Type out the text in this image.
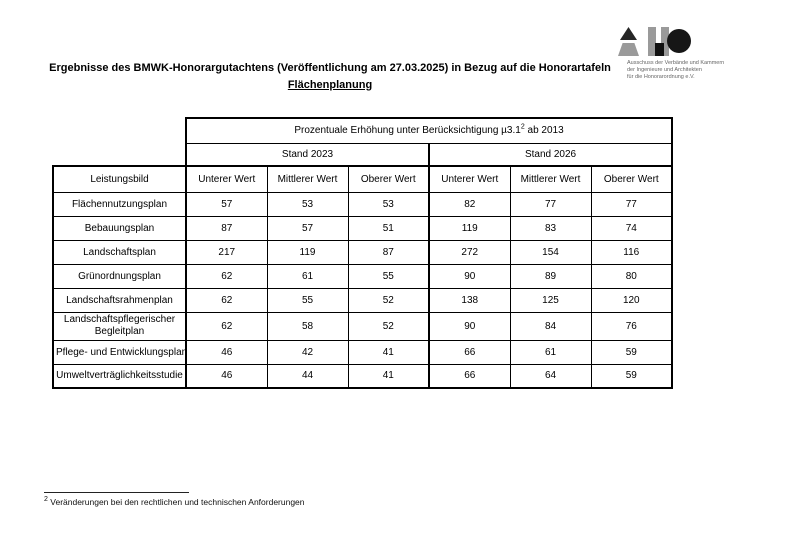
Ergebnisse des BMWK-Honorargutachtens (Veröffentlichung am 27.03.2025) in Bezug auf die Honorartafeln
Flächenplanung
Ausschuss der Verbände und Kammern
der Ingenieure und Architekten
für die Honorarordnung e.V.
	Prozentuale Erhöhung unter Berücksichtigung $\mu 3.1^2$ ab 2013					
	Stand 2023			Stand 2026		
Leistungsbild	Unterer Wert	Mittlerer Wert	Oberer Wert	Unterer Wert	Mittlerer Wert	Oberer Wert
Flächennutzungsplan	57	53	53	82	77	77
Bebauungsplan	87	57	51	119	83	74
Landschaftsplan	217	119	87	272	154	116
Grünordnungsplan	62	61	55	90	89	80
Landschaftsrahmenplan	62	55	52	138	125	120
Landschaftspflegerischer Begleitplan	62	58	52	90	84	76
Pflege- und Entwicklungsplan	46	42	41	66	61	59
Umweltverträglichkeitsstudie	46	44	41	66	64	59
$^2$ Veränderungen bei den rechtlichen und technischen Anforderungen
